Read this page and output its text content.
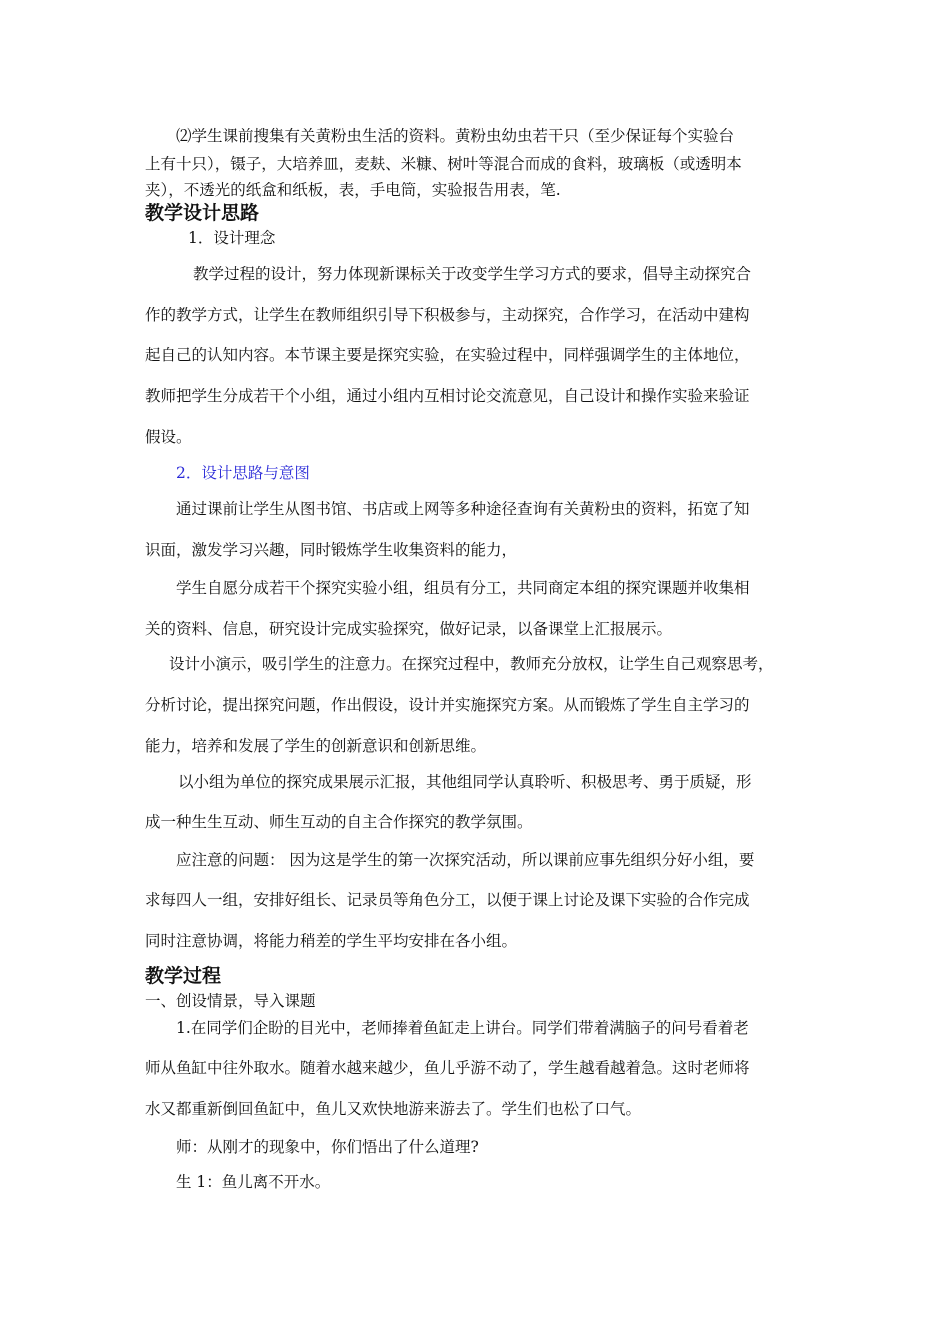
⑵学生课前搜集有关黄粉虫生活的资料。黄粉虫幼虫若干只（至少保证每个实验台
上有十只），镊子，大培养皿，麦麸、米糠、树叶等混合而成的食料，玻璃板（或透明本
夹），不透光的纸盒和纸板，表，手电筒，实验报告用表，笔.
教学设计思路
1．设计理念
教学过程的设计，努力体现新课标关于改变学生学习方式的要求，倡导主动探究合
作的教学方式，让学生在教师组织引导下积极参与，主动探究，合作学习，在活动中建构
起自己的认知内容。本节课主要是探究实验，在实验过程中，同样强调学生的主体地位，
教师把学生分成若干个小组，通过小组内互相讨论交流意见，自己设计和操作实验来验证
假设。
2．设计思路与意图
通过课前让学生从图书馆、书店或上网等多种途径查询有关黄粉虫的资料，拓宽了知
识面，激发学习兴趣，同时锻炼学生收集资料的能力，
学生自愿分成若干个探究实验小组，组员有分工，共同商定本组的探究课题并收集相
关的资料、信息，研究设计完成实验探究，做好记录，以备课堂上汇报展示。
设计小演示，吸引学生的注意力。在探究过程中，教师充分放权，让学生自己观察思考，
分析讨论，提出探究问题，作出假设，设计并实施探究方案。从而锻炼了学生自主学习的
能力，培养和发展了学生的创新意识和创新思维。
以小组为单位的探究成果展示汇报，其他组同学认真聆听、积极思考、勇于质疑，形
成一种生生互动、师生互动的自主合作探究的教学氛围。
应注意的问题： 因为这是学生的第一次探究活动，所以课前应事先组织分好小组，要
求每四人一组，安排好组长、记录员等角色分工，以便于课上讨论及课下实验的合作完成
同时注意协调，将能力稍差的学生平均安排在各小组。
教学过程
一、创设情景，导入课题
1.在同学们企盼的目光中，老师捧着鱼缸走上讲台。同学们带着满脑子的问号看着老
师从鱼缸中往外取水。随着水越来越少，鱼儿乎游不动了，学生越看越着急。这时老师将
水又都重新倒回鱼缸中，鱼儿又欢快地游来游去了。学生们也松了口气。
师：从刚才的现象中，你们悟出了什么道理?
生 1：鱼儿离不开水。
